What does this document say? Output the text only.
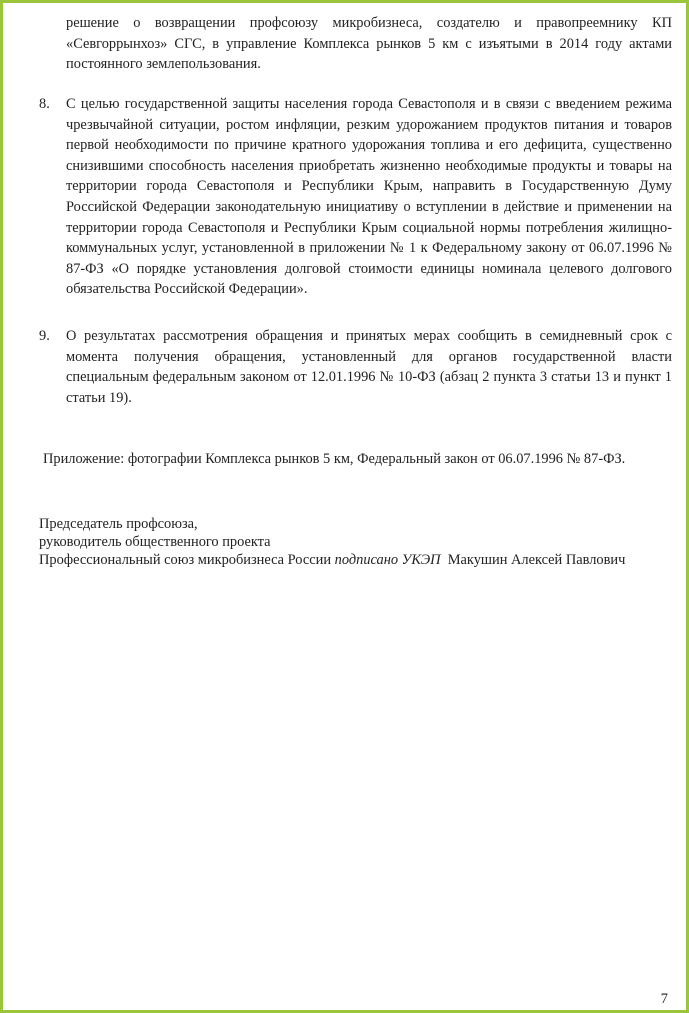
решение о возвращении профсоюзу микробизнеса, создателю и правопреемнику КП «Севгоррынхоз» СГС, в управление Комплекса рынков 5 км с изъятыми в 2014 году актами постоянного землепользования.

8. С целью государственной защиты населения города Севастополя и в связи с введением режима чрезвычайной ситуации, ростом инфляции, резким удорожанием продуктов питания и товаров первой необходимости по причине кратного удорожания топлива и его дефицита, существенно снизившими способность населения приобретать жизненно необходимые продукты и товары на территории города Севастополя и Республики Крым, направить в Государственную Думу Российской Федерации законодательную инициативу о вступлении в действие и применении на территории города Севастополя и Республики Крым социальной нормы потребления жилищно-коммунальных услуг, установленной в приложении № 1 к Федеральному закону от 06.07.1996 № 87-ФЗ «О порядке установления долговой стоимости единицы номинала целевого долгового обязательства Российской Федерации».

9. О результатах рассмотрения обращения и принятых мерах сообщить в семидневный срок с момента получения обращения, установленный для органов государственной власти специальным федеральным законом от 12.01.1996 № 10-ФЗ (абзац 2 пункта 3 статьи 13 и пункт 1 статьи 19).

Приложение: фотографии Комплекса рынков 5 км, Федеральный закон от 06.07.1996 № 87-ФЗ.

Председатель профсоюза,
руководитель общественного проекта
Профессиональный союз микробизнеса России подписано УКЭП Макушин Алексей Павлович
7
